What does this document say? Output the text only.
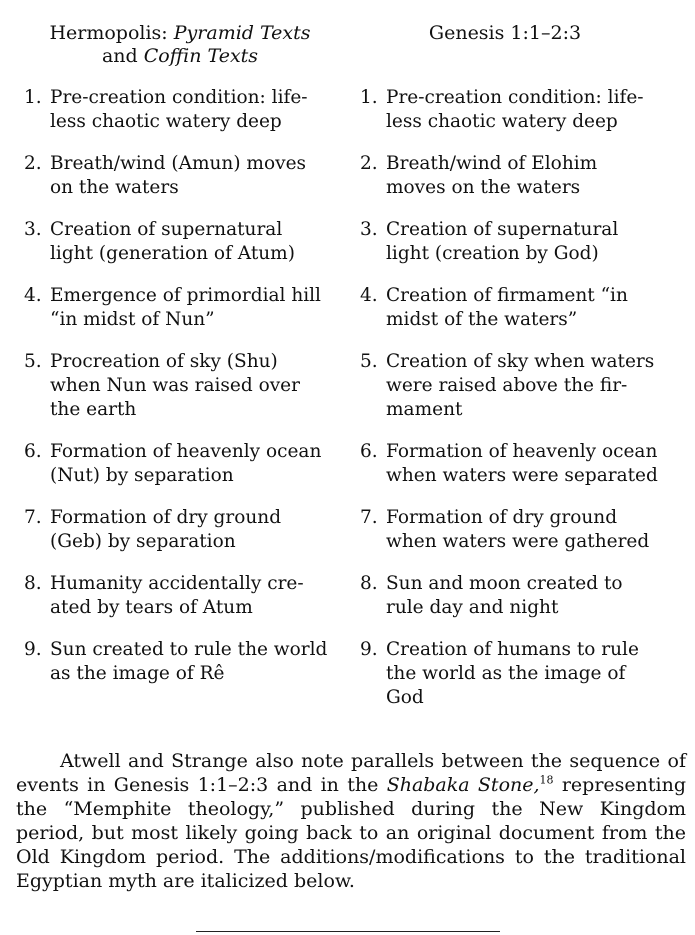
Hermopolis: Pyramid Texts
and Coffin Texts
Genesis 1:1–2:3
1. Pre-creation condition: life-
less chaotic watery deep
1. Pre-creation condition: life-
less chaotic watery deep
2. Breath/wind (Amun) moves
on the waters
2. Breath/wind of Elohim
moves on the waters
3. Creation of supernatural
light (generation of Atum)
3. Creation of supernatural
light (creation by God)
4. Emergence of primordial hill
“in midst of Nun”
4. Creation of firmament “in
midst of the waters”
5. Procreation of sky (Shu)
when Nun was raised over
the earth
5. Creation of sky when waters
were raised above the fir-
mament
6. Formation of heavenly ocean
(Nut) by separation
6. Formation of heavenly ocean
when waters were separated
7. Formation of dry ground
(Geb) by separation
7. Formation of dry ground
when waters were gathered
8. Humanity accidentally cre-
ated by tears of Atum
8. Sun and moon created to
rule day and night
9. Sun created to rule the world
as the image of Rê
9. Creation of humans to rule
the world as the image of
God

Atwell and Strange also note parallels between the sequence of events in Genesis 1:1–2:3 and in the Shabaka Stone,$^{18}$ representing the “Memphite theology,” published during the New Kingdom period, but most likely going back to an original document from the Old Kingdom period. The additions/modifications to the traditional Egyptian myth are italicized below.
